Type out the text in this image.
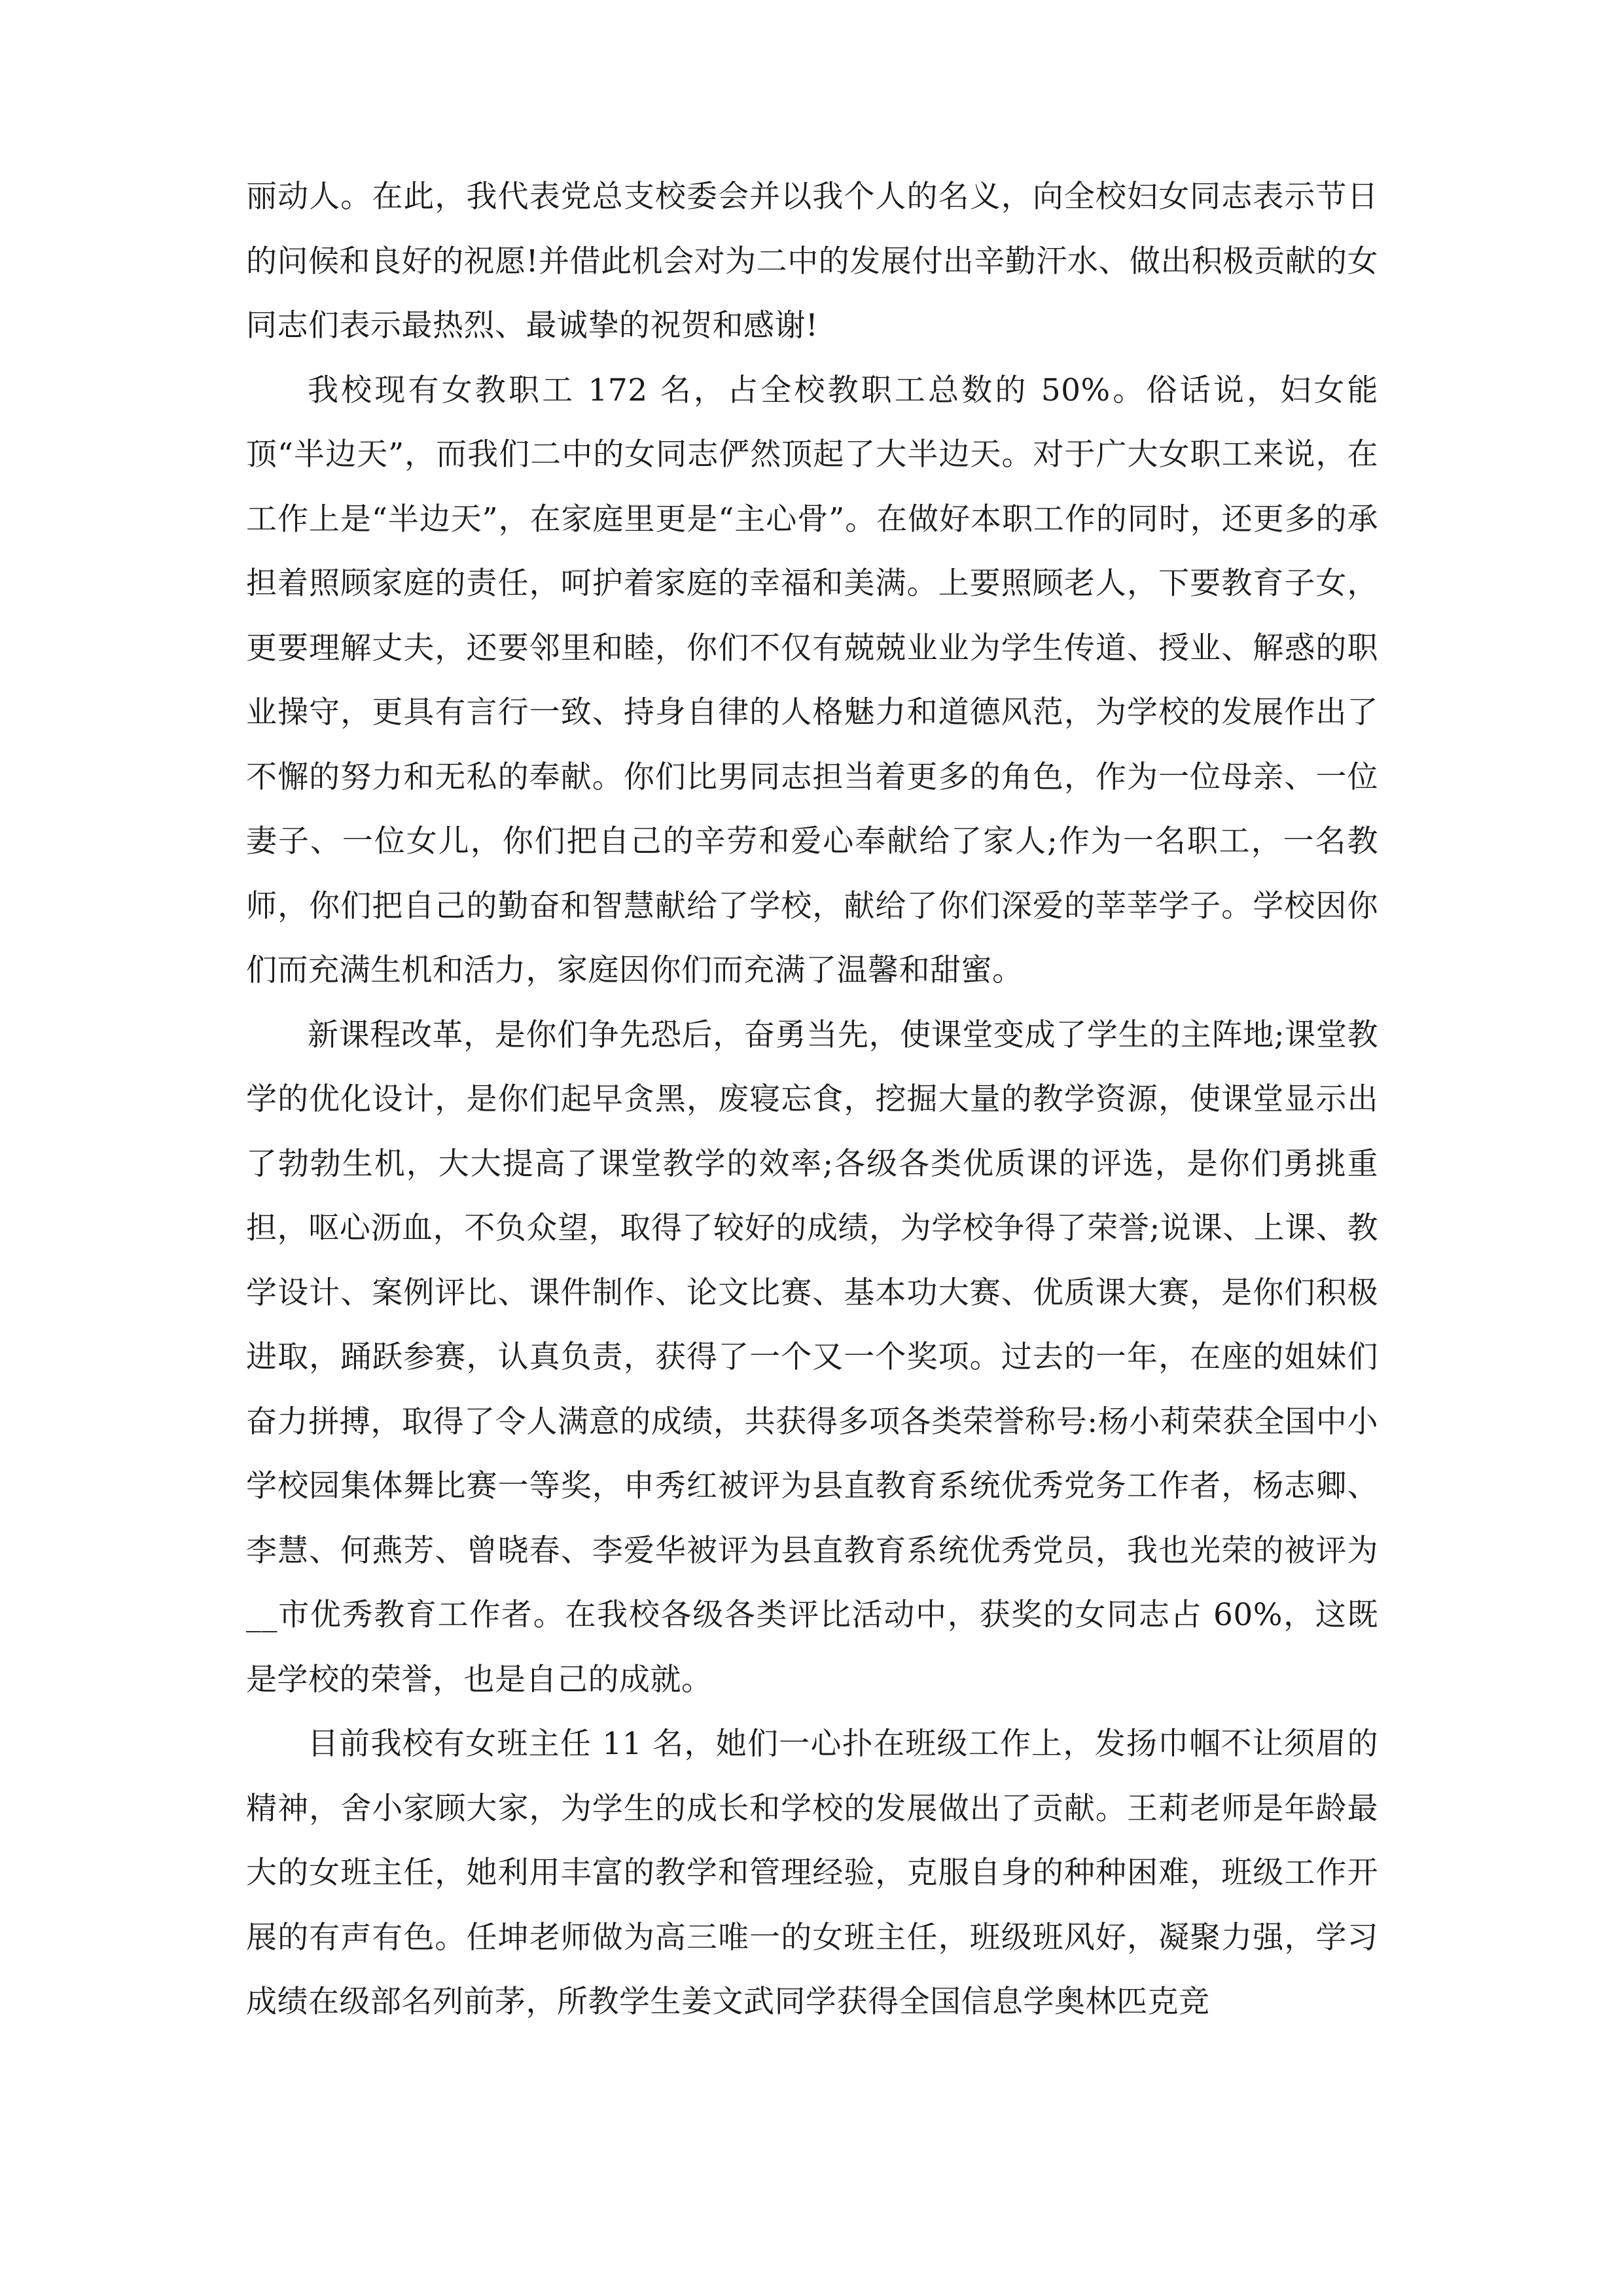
丽动人。在此，我代表党总支校委会并以我个人的名义，向全校妇女同志表示节日的问候和良好的祝愿!并借此机会对为二中的发展付出辛勤汗水、做出积极贡献的女同志们表示最热烈、最诚挚的祝贺和感谢!

我校现有女教职工 172 名，占全校教职工总数的 50%。俗话说，妇女能顶“半边天”，而我们二中的女同志俨然顶起了大半边天。对于广大女职工来说，在工作上是“半边天”，在家庭里更是“主心骨”。在做好本职工作的同时，还更多的承担着照顾家庭的责任，呵护着家庭的幸福和美满。上要照顾老人，下要教育子女，更要理解丈夫，还要邻里和睦，你们不仅有兢兢业业为学生传道、授业、解惑的职业操守，更具有言行一致、持身自律的人格魅力和道德风范，为学校的发展作出了不懈的努力和无私的奉献。你们比男同志担当着更多的角色，作为一位母亲、一位妻子、一位女儿，你们把自己的辛劳和爱心奉献给了家人;作为一名职工，一名教师，你们把自己的勤奋和智慧献给了学校，献给了你们深爱的莘莘学子。学校因你们而充满生机和活力，家庭因你们而充满了温馨和甜蜜。

新课程改革，是你们争先恐后，奋勇当先，使课堂变成了学生的主阵地;课堂教学的优化设计，是你们起早贪黑，废寝忘食，挖掘大量的教学资源，使课堂显示出了勃勃生机，大大提高了课堂教学的效率;各级各类优质课的评选，是你们勇挑重担，呕心沥血，不负众望，取得了较好的成绩，为学校争得了荣誉;说课、上课、教学设计、案例评比、课件制作、论文比赛、基本功大赛、优质课大赛，是你们积极进取，踊跃参赛，认真负责，获得了一个又一个奖项。过去的一年，在座的姐妹们奋力拼搏，取得了令人满意的成绩，共获得多项各类荣誉称号:杨小莉荣获全国中小学校园集体舞比赛一等奖，申秀红被评为县直教育系统优秀党务工作者，杨志卿、李慧、何燕芳、曾晓春、李爱华被评为县直教育系统优秀党员，我也光荣的被评为__市优秀教育工作者。在我校各级各类评比活动中，获奖的女同志占 60%，这既是学校的荣誉，也是自己的成就。

目前我校有女班主任 11 名，她们一心扑在班级工作上，发扬巾帼不让须眉的精神，舍小家顾大家，为学生的成长和学校的发展做出了贡献。王莉老师是年龄最大的女班主任，她利用丰富的教学和管理经验，克服自身的种种困难，班级工作开展的有声有色。任坤老师做为高三唯一的女班主任，班级班风好，凝聚力强，学习成绩在级部名列前茅，所教学生姜文武同学获得全国信息学奥林匹克竞
